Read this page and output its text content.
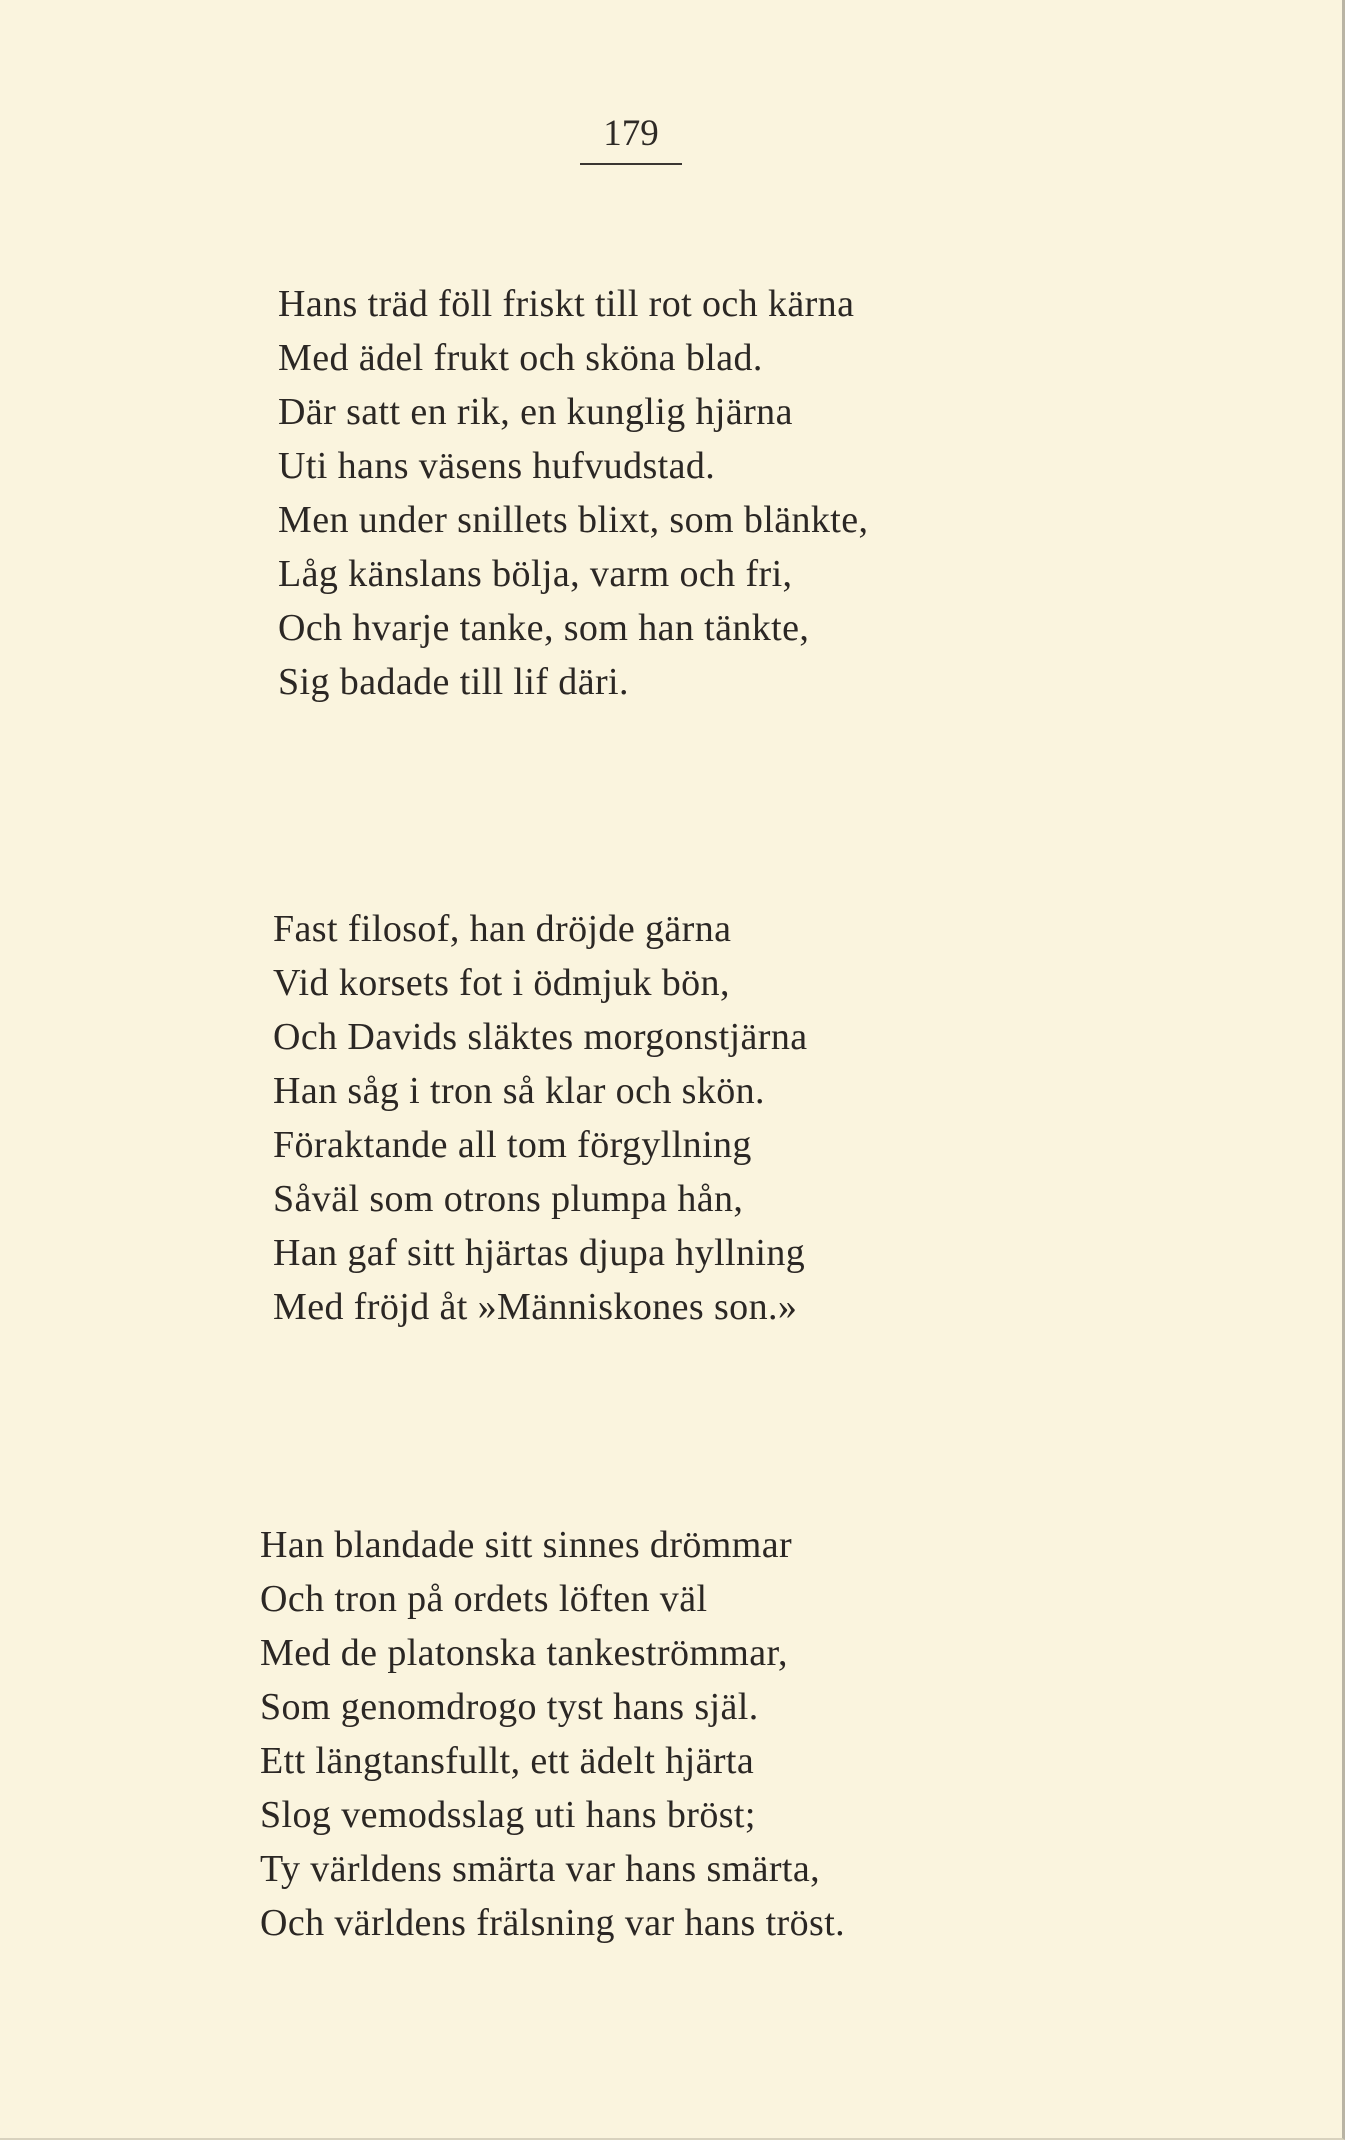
179
Hans träd föll friskt till rot och kärna
Med ädel frukt och sköna blad.
Där satt en rik, en kunglig hjärna
Uti hans väsens hufvudstad.
Men under snillets blixt, som blänkte,
Låg känslans bölja, varm och fri,
Och hvarje tanke, som han tänkte,
Sig badade till lif däri.
Fast filosof, han dröjde gärna
Vid korsets fot i ödmjuk bön,
Och Davids släktes morgonstjärna
Han såg i tron så klar och skön.
Föraktande all tom förgyllning
Såväl som otrons plumpa hån,
Han gaf sitt hjärtas djupa hyllning
Med fröjd åt »Människones son.»
Han blandade sitt sinnes drömmar
Och tron på ordets löften väl
Med de platonska tankeströmmar,
Som genomdrogo tyst hans själ.
Ett längtansfullt, ett ädelt hjärta
Slog vemodsslag uti hans bröst;
Ty världens smärta var hans smärta,
Och världens frälsning var hans tröst.
